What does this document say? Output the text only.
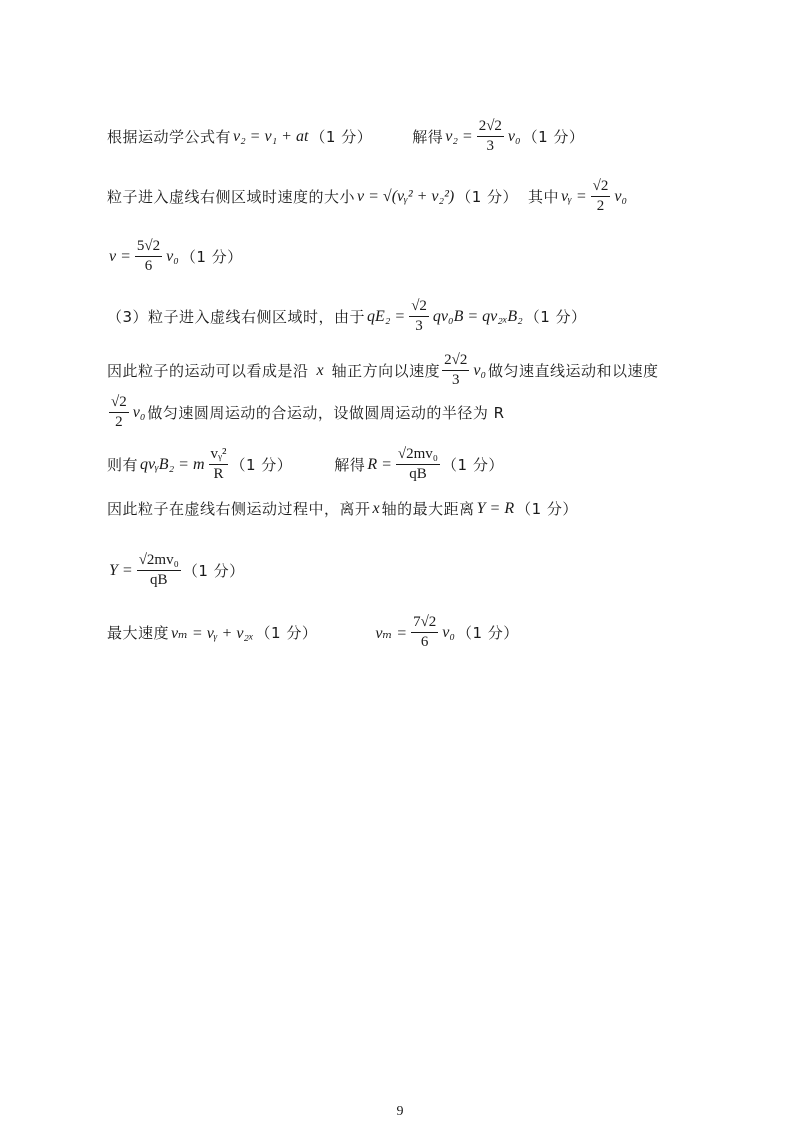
根据运动学公式有 v₂ = v₁ + at （1 分）	解得 $v_2 = \frac{2√2}{3} v_0$ （1 分）
粒子进入虚线右侧区域时速度的大小 v = √(vᵧ² + v₂²) （1 分） 其中 vᵧ = $\frac{√2}{2} v_0$
$v = \frac{5√2}{6} v_0$ （1 分）
（3）粒子进入虚线右侧区域时，由于 $qE_2 = \frac{√2}{3} qv_0B = qv_{2x}B_2$ （1 分）
因此粒子的运动可以看成是沿 x 轴正方向以速度 $\frac{2√2}{3} v_0$ 做匀速直线运动和以速度
$\frac{√2}{2} v_0$ 做匀速圆周运动的合运动，设做圆周运动的半径为 R
则有 qvᵧB₂ = m $\frac{\text{vᵧ²}}{R} (1$ 分）	解得 $R = \frac{\text{√2mv₀}}{qB} (1$ 分）
因此粒子在虚线右侧运动过程中，离开 x 轴的最大距离 Y = R （1 分）
$Y = \frac{\text{√2mv₀}}{qB} (1$ 分）
最大速度 vₘ = vᵧ + v₂ₓ （1 分）	$v_m = \frac{7√2}{6} v_0$ （1 分）
9
